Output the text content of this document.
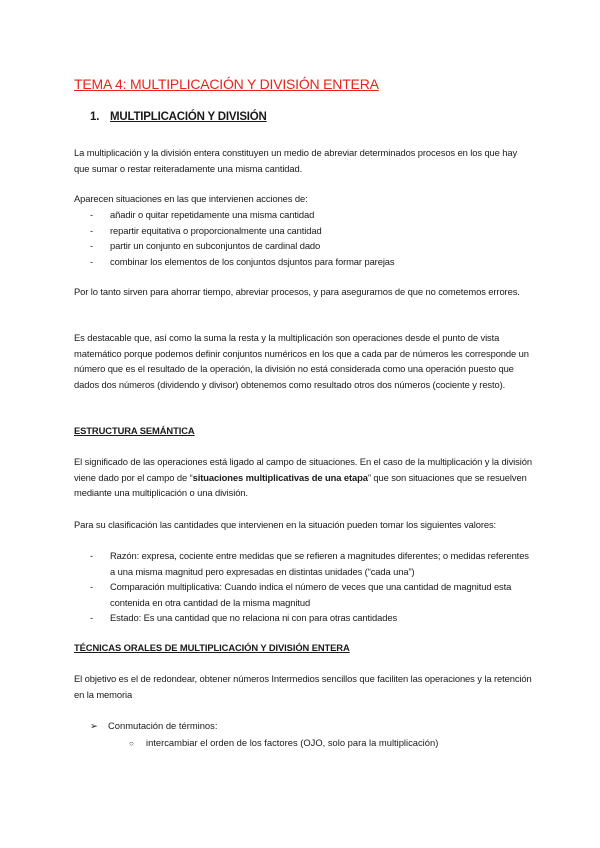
TEMA 4: MULTIPLICACIÓN Y DIVISIÓN ENTERA
1. MULTIPLICACIÓN Y DIVISIÓN

La multiplicación y la división entera constituyen un medio de abreviar determinados procesos en los que hay que sumar o restar reiteradamente una misma cantidad.

Aparecen situaciones en las que intervienen acciones de:

- añadir o quitar repetidamente una misma cantidad
- repartir equitativa o proporcionalmente una cantidad
- partir un conjunto en subconjuntos de cardinal dado
- combinar los elementos de los conjuntos dsjuntos para formar parejas

Por lo tanto sirven para ahorrar tiempo, abreviar procesos, y para asegurarnos de que no cometemos errores.

Es destacable que, así como la suma la resta y la multiplicación son operaciones desde el punto de vista matemático porque podemos definir conjuntos numéricos en los que a cada par de números les corresponde un número que es el resultado de la operación, la división no está considerada como una operación puesto que dados dos números (dividendo y divisor) obtenemos como resultado otros dos números (cociente y resto).

ESTRUCTURA SEMÁNTICA

El significado de las operaciones está ligado al campo de situaciones. En el caso de la multiplicación y la división viene dado por el campo de “situaciones multiplicativas de una etapa” que son situaciones que se resuelven mediante una multiplicación o una división.

Para su clasificación las cantidades que intervienen en la situación pueden tomar los siguientes valores:

- Razón: expresa, cociente entre medidas que se refieren a magnitudes diferentes; o medidas referentes a una misma magnitud pero expresadas en distintas unidades (“cada una”)
- Comparación multiplicativa: Cuando indica el número de veces que una cantidad de magnitud esta contenida en otra cantidad de la misma magnitud
- Estado: Es una cantidad que no relaciona ni con para otras cantidades
TÉCNICAS ORALES DE MULTIPLICACIÓN Y DIVISIÓN ENTERA

El objetivo es el de redondear, obtener números Intermedios sencillos que faciliten las operaciones y la retención en la memoria

➢ Conmutación de términos:
○ intercambiar el orden de los factores (OJO, solo para la multiplicación)
